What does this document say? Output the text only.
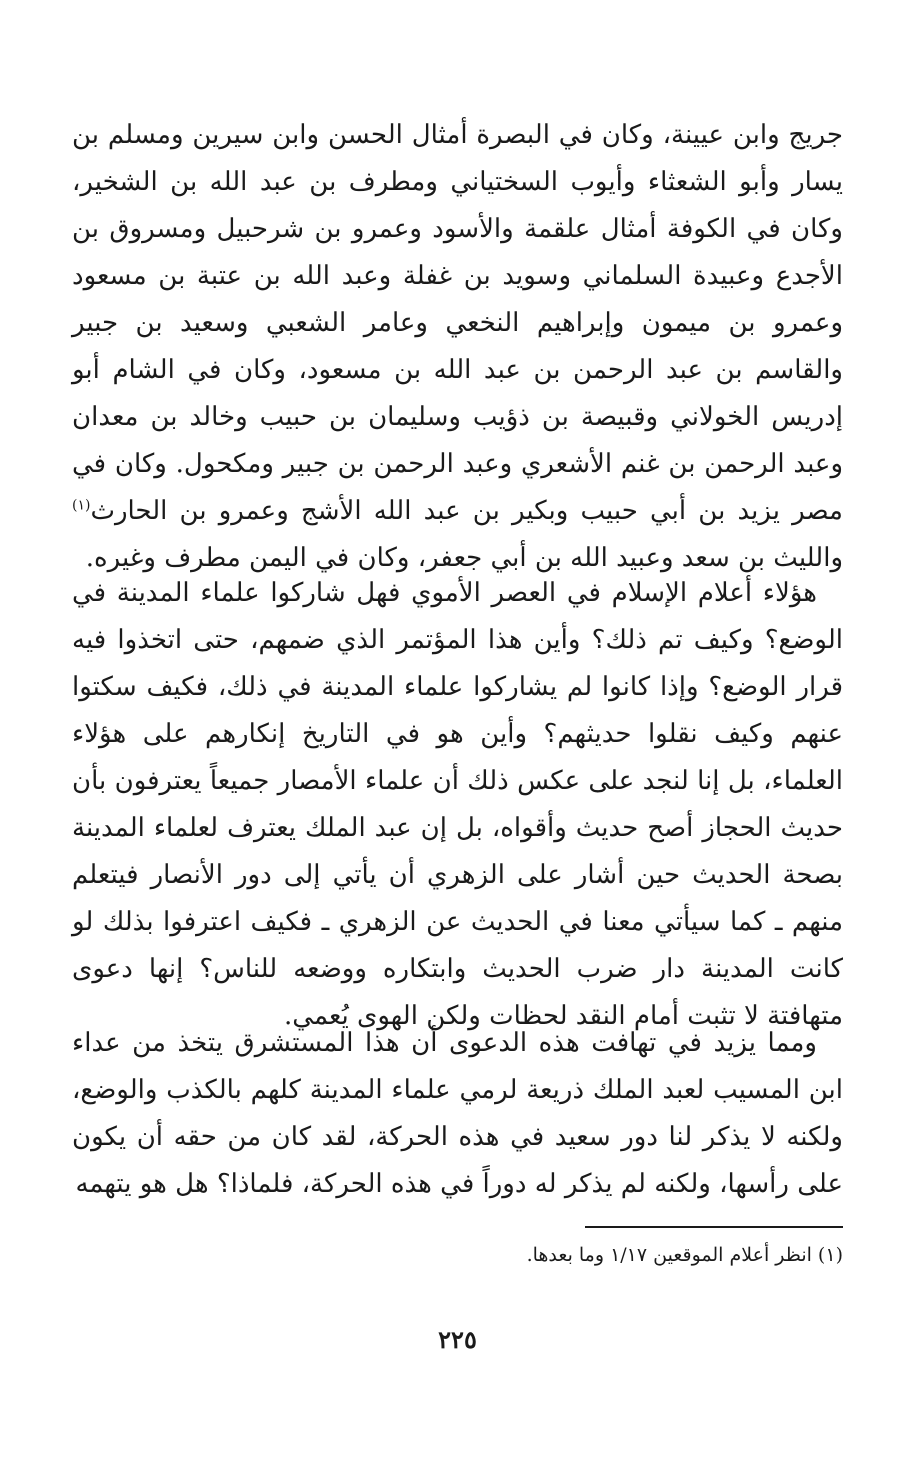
جريج وابن عيينة، وكان في البصرة أمثال الحسن وابن سيرين ومسلم بن يسار وأبو الشعثاء وأيوب السختياني ومطرف بن عبد الله بن الشخير، وكان في الكوفة أمثال علقمة والأسود وعمرو بن شرحبيل ومسروق بن الأجدع وعبيدة السلماني وسويد بن غفلة وعبد الله بن عتبة بن مسعود وعمرو بن ميمون وإبراهيم النخعي وعامر الشعبي وسعيد بن جبير والقاسم بن عبد الرحمن بن عبد الله بن مسعود، وكان في الشام أبو إدريس الخولاني وقبيصة بن ذؤيب وسليمان بن حبيب وخالد بن معدان وعبد الرحمن بن غنم الأشعري وعبد الرحمن بن جبير ومكحول. وكان في مصر يزيد بن أبي حبيب وبكير بن عبد الله الأشج وعمرو بن الحارث$^{(١)}$ والليث بن سعد وعبيد الله بن أبي جعفر، وكان في اليمن مطرف وغيره.

هؤلاء أعلام الإسلام في العصر الأموي فهل شاركوا علماء المدينة في الوضع؟ وكيف تم ذلك؟ وأين هذا المؤتمر الذي ضمهم، حتى اتخذوا فيه قرار الوضع؟ وإذا كانوا لم يشاركوا علماء المدينة في ذلك، فكيف سكتوا عنهم وكيف نقلوا حديثهم؟ وأين هو في التاريخ إنكارهم على هؤلاء العلماء، بل إنا لنجد على عكس ذلك أن علماء الأمصار جميعاً يعترفون بأن حديث الحجاز أصح حديث وأقواه، بل إن عبد الملك يعترف لعلماء المدينة بصحة الحديث حين أشار على الزهري أن يأتي إلى دور الأنصار فيتعلم منهم ـ كما سيأتي معنا في الحديث عن الزهري ـ فكيف اعترفوا بذلك لو كانت المدينة دار ضرب الحديث وابتكاره ووضعه للناس؟ إنها دعوى متهافتة لا تثبت أمام النقد لحظات ولكن الهوى يُعمي.

ومما يزيد في تهافت هذه الدعوى أن هذا المستشرق يتخذ من عداء ابن المسيب لعبد الملك ذريعة لرمي علماء المدينة كلهم بالكذب والوضع، ولكنه لا يذكر لنا دور سعيد في هذه الحركة، لقد كان من حقه أن يكون على رأسها، ولكنه لم يذكر له دوراً في هذه الحركة، فلماذا؟ هل هو يتهمه

(١) انظر أعلام الموقعين ١/١٧ وما بعدها.
٢٢٥
